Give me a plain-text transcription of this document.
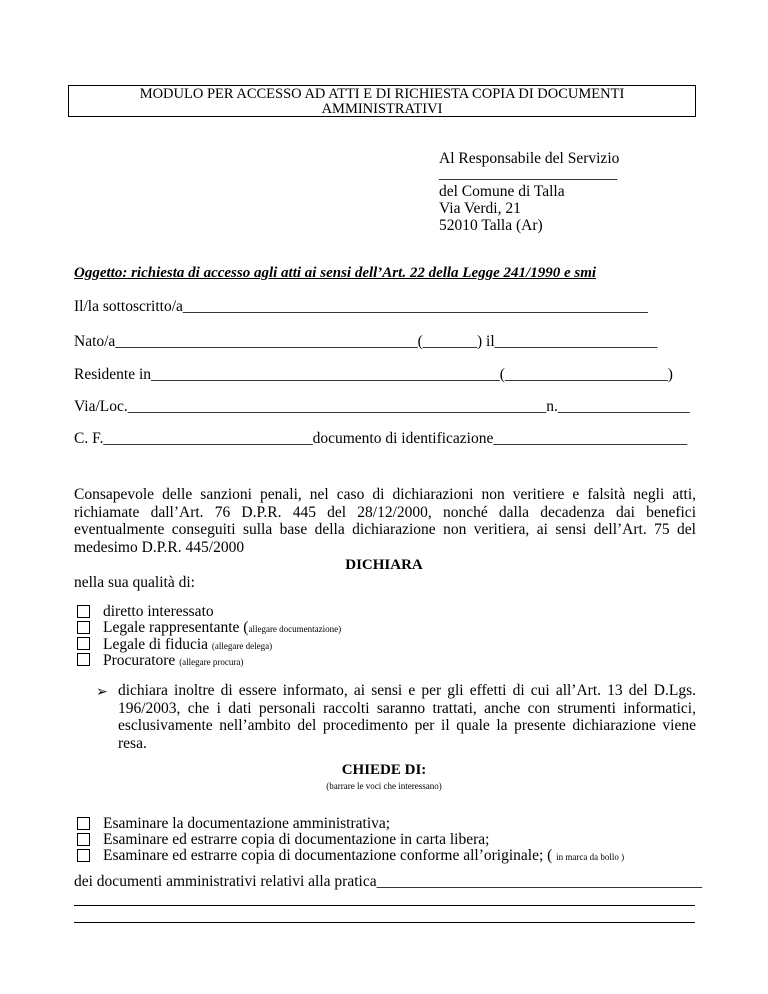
MODULO PER ACCESSO AD ATTI E DI RICHIESTA COPIA DI DOCUMENTI
AMMINISTRATIVI
Al Responsabile del Servizio
_______________________
del Comune di Talla
Via Verdi, 21
52010 Talla (Ar)
Oggetto: richiesta di accesso agli atti ai sensi dell’Art. 22 della Legge 241/1990 e smi
Il/la sottoscritto/a____________________________________________________________
Nato/a_______________________________________(_______) il_____________________
Residente in_____________________________________________(_____________________)
Via/Loc.______________________________________________________n._________________
C. F.___________________________documento di identificazione_________________________
Consapevole delle sanzioni penali, nel caso di dichiarazioni non veritiere e falsità negli atti,
richiamate dall’Art. 76 D.P.R. 445 del 28/12/2000, nonché dalla decadenza dai benefici
eventualmente conseguiti sulla base della dichiarazione non veritiera, ai sensi dell’Art. 75 del
medesimo D.P.R. 445/2000
DICHIARA
nella sua qualità di:
diretto interessato
Legale rappresentante (allegare documentazione)
Legale di fiducia (allegare delega)
Procuratore (allegare procura)
➢ dichiara inoltre di essere informato, ai sensi e per gli effetti di cui all’Art. 13 del D.Lgs.
196/2003, che i dati personali raccolti saranno trattati, anche con strumenti informatici,
esclusivamente nell’ambito del procedimento per il quale la presente dichiarazione viene
resa.
CHIEDE DI:
(barrare le voci che interessano)
Esaminare la documentazione amministrativa;
Esaminare ed estrarre copia di documentazione in carta libera;
Esaminare ed estrarre copia di documentazione conforme all’originale; ( in marca da bollo )
dei documenti amministrativi relativi alla pratica__________________________________________
